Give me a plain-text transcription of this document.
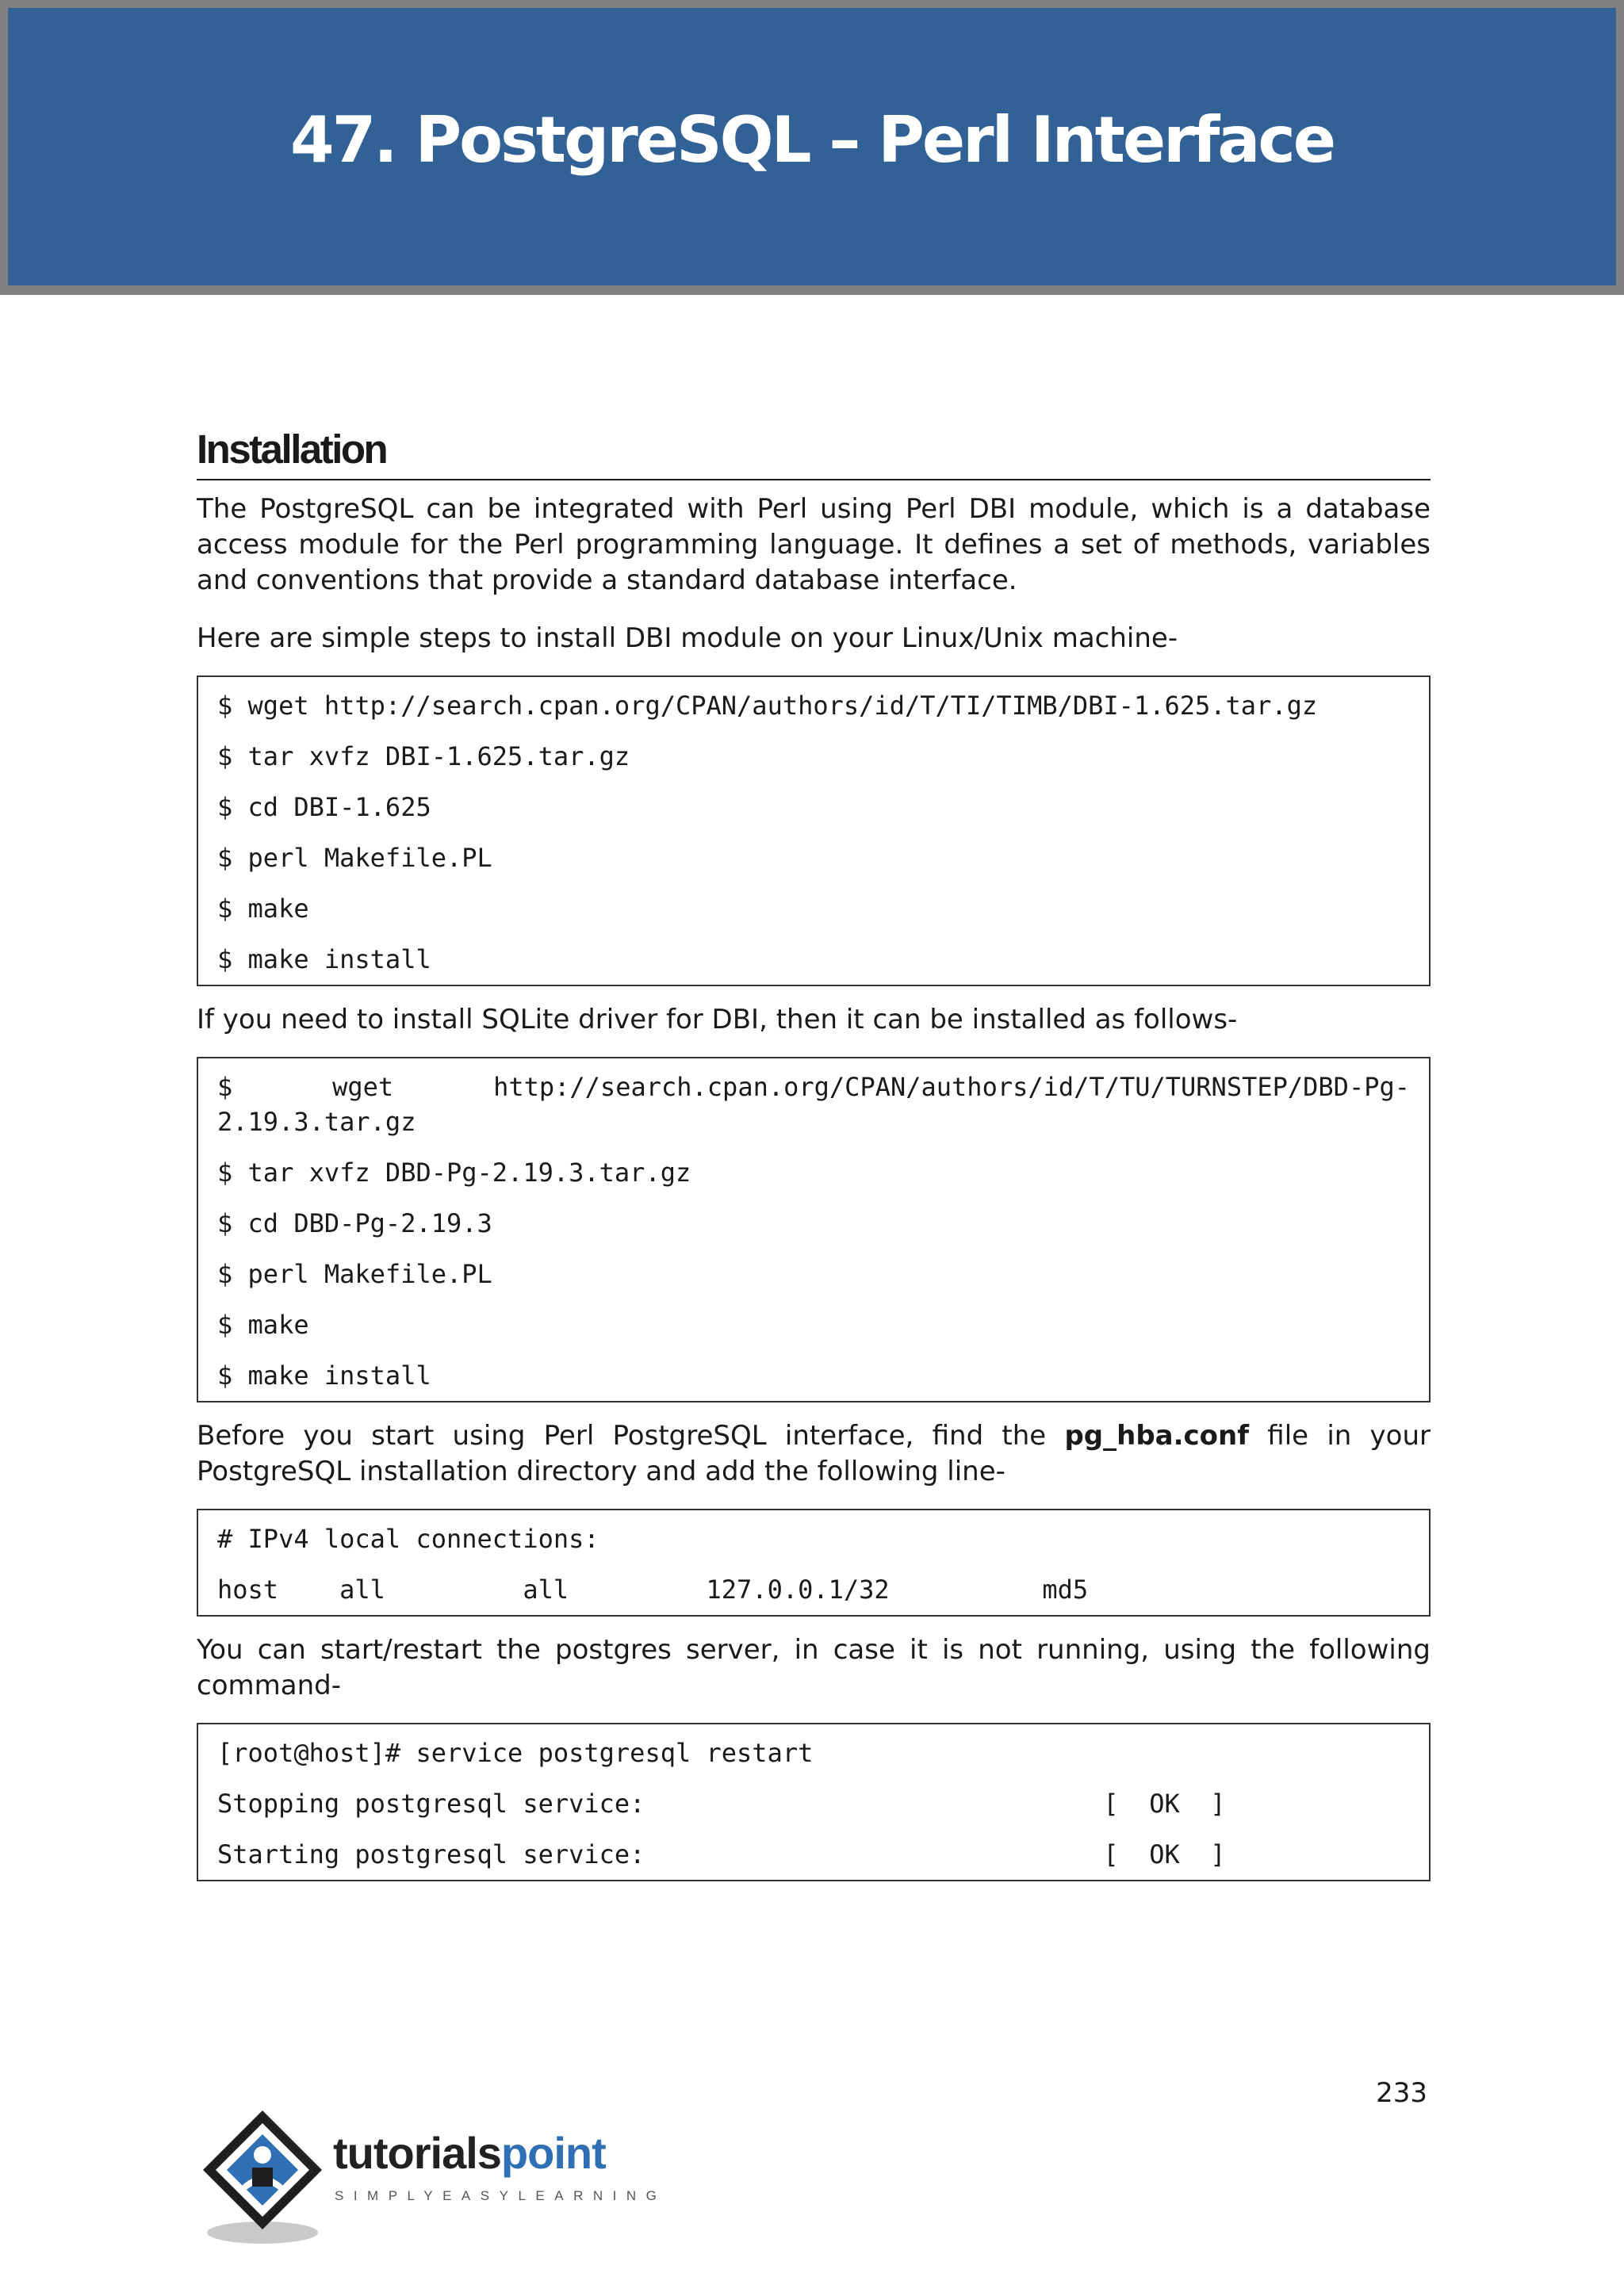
47. PostgreSQL – Perl Interface
Installation

The PostgreSQL can be integrated with Perl using Perl DBI module, which is a database access module for the Perl programming language. It defines a set of methods, variables and conventions that provide a standard database interface.

Here are simple steps to install DBI module on your Linux/Unix machine-

$ wget http://search.cpan.org/CPAN/authors/id/T/TI/TIMB/DBI-1.625.tar.gz
$ tar xvfz DBI-1.625.tar.gz
$ cd DBI-1.625
$ perl Makefile.PL
$ make
$ make install

If you need to install SQLite driver for DBI, then it can be installed as follows-

$ wget http://search.cpan.org/CPAN/authors/id/T/TU/TURNSTEP/DBD-Pg-2.19.3.tar.gz
$ tar xvfz DBD-Pg-2.19.3.tar.gz
$ cd DBD-Pg-2.19.3
$ perl Makefile.PL
$ make
$ make install

Before you start using Perl PostgreSQL interface, find the pg_hba.conf file in your PostgreSQL installation directory and add the following line-

# IPv4 local connections:
host    all         all         127.0.0.1/32          md5

You can start/restart the postgres server, in case it is not running, using the following command-

[root@host]# service postgresql restart
Stopping postgresql service:                              [  OK  ]
Starting postgresql service:                              [  OK  ]
233
tutorialspoint
SIMPLYEASYLEARNING
